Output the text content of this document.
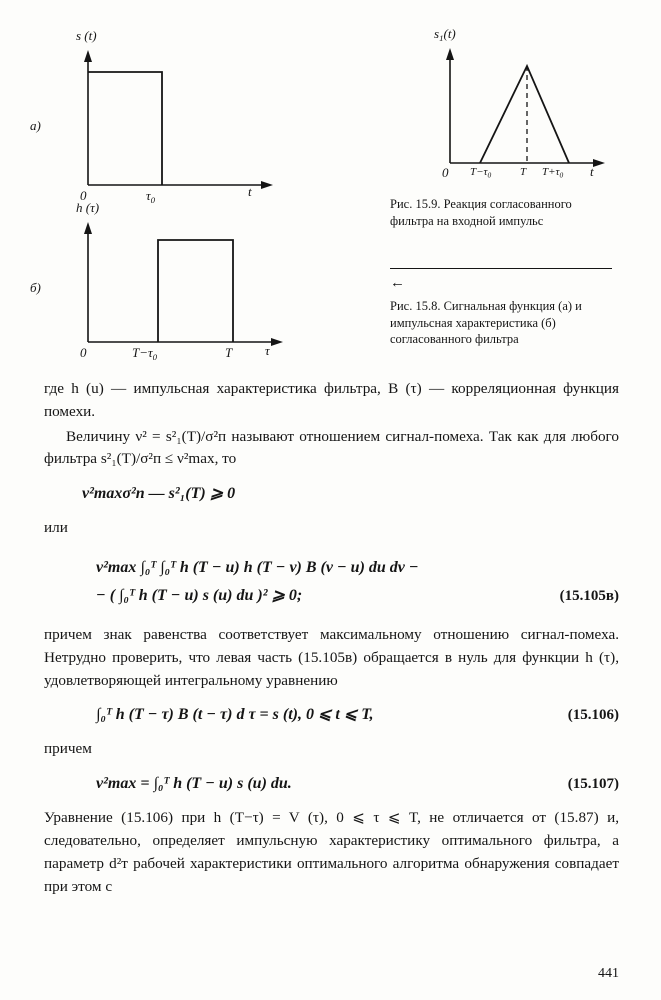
s (t)
а)
0	$\tau_0$
t
h (τ)
б)
0	$T-\tau_0$	T	τ
$s_1(t)$
0 $T-\tau_0$	T $T+\tau_0$ t
Рис. 15.9. Реакция согласованного фильтра на входной импульс
←
Рис. 15.8. Сигнальная функция (а) и импульсная характеристика (б) согласованного фильтра

где h (u) — импульсная характеристика фильтра, B (τ) — корреляционная функция помехи.

Величину ν² = s²₁(T)/σ²п называют отношением сигнал-помеха. Так как для любого фильтра s²₁(T)/σ²п ≤ ν²max, то

ν²maxσ²п — s²₁(T) ⩾ 0

или

ν²max ∫₀ᵀ ∫₀ᵀ h (T − u) h (T − v) B (v − u) du dv −
− ( ∫₀ᵀ h (T − u) s (u) du )² ⩾ 0;	(15.105в)

причем знак равенства соответствует максимальному отношению сигнал-помеха. Нетрудно проверить, что левая часть (15.105в) обращается в нуль для функции h (τ), удовлетворяющей интегральному уравнению

∫₀ᵀ h (T − τ) B (t − τ) d τ = s (t), 0 ⩽ t ⩽ T,	(15.106)

причем

ν²max = ∫₀ᵀ h (T − u) s (u) du.	(15.107)

Уравнение (15.106) при h (T−τ) = V (τ), 0 ⩽ τ ⩽ T, не отличается от (15.87) и, следовательно, определяет импульсную характеристику оптимального фильтра, а параметр d²т рабочей характеристики оптимального алгоритма обнаружения совпадает при этом с

441
